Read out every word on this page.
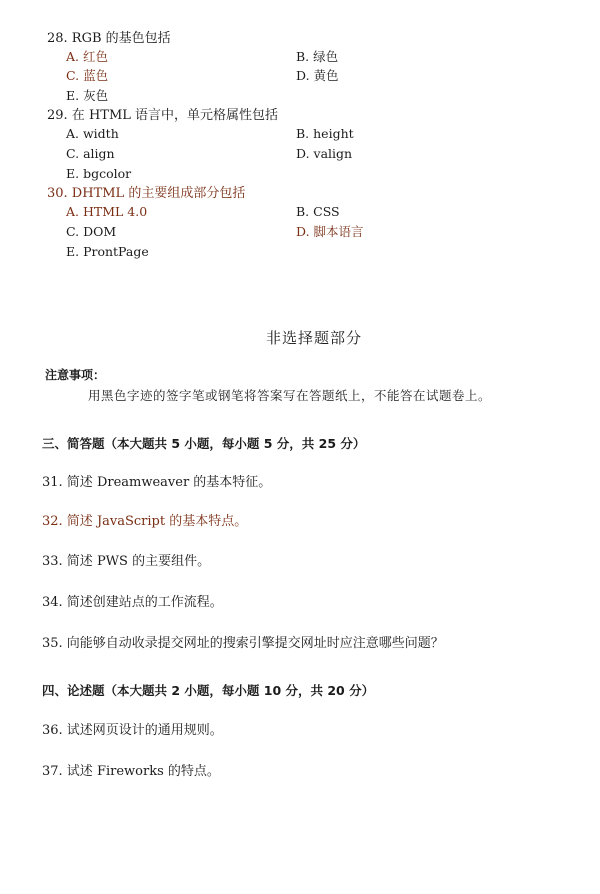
28. RGB 的基色包括
A. 红色	B. 绿色
C. 蓝色	D. 黄色
E. 灰色
29. 在 HTML 语言中，单元格属性包括
A. width	B. height
C. align	D. valign
E. bgcolor
30. DHTML 的主要组成部分包括
A. HTML 4.0	B. CSS
C. DOM	D. 脚本语言
E. ProntPage
非选择题部分
注意事项：
用黑色字迹的签字笔或钢笔将答案写在答题纸上，不能答在试题卷上。
三、简答题（本大题共 5 小题，每小题 5 分，共 25 分）
31. 简述 Dreamweaver 的基本特征。
32. 简述 JavaScript 的基本特点。
33. 简述 PWS 的主要组件。
34. 简述创建站点的工作流程。
35. 向能够自动收录提交网址的搜索引擎提交网址时应注意哪些问题？
四、论述题（本大题共 2 小题，每小题 10 分，共 20 分）
36. 试述网页设计的通用规则。
37. 试述 Fireworks 的特点。
